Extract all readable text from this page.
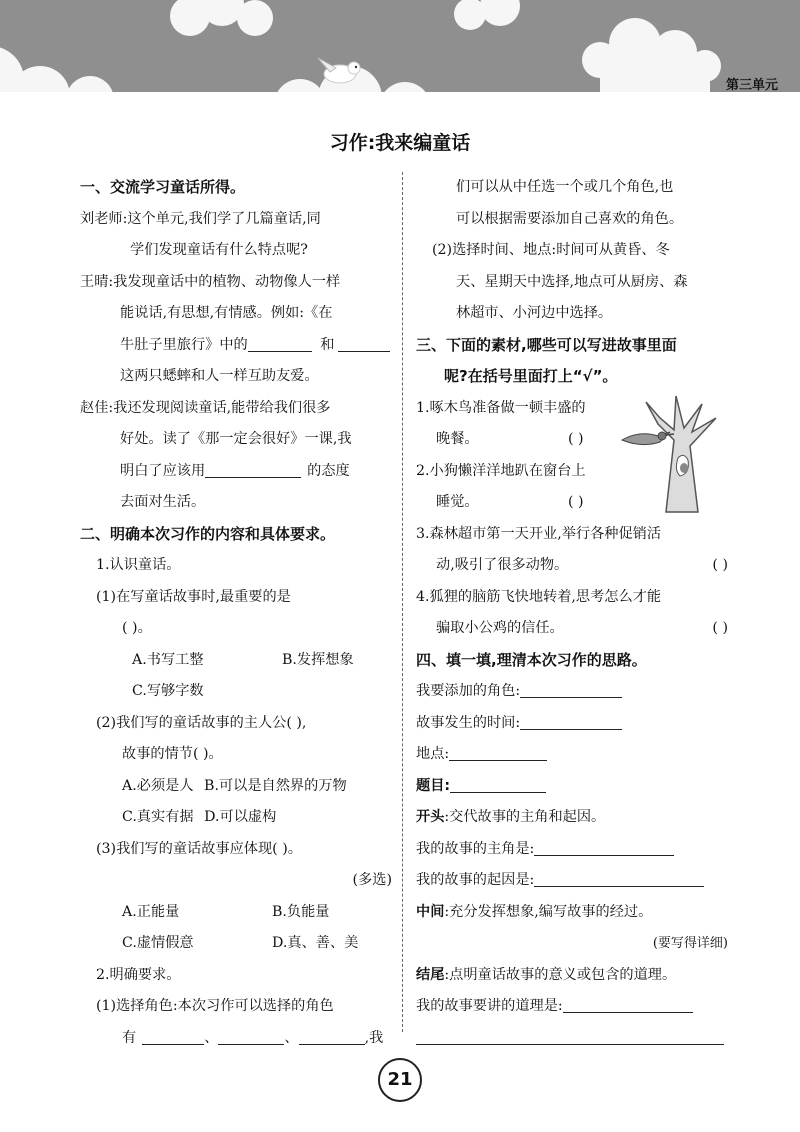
第三单元
习作:我来编童话
一、交流学习童话所得。
刘老师:这个单元,我们学了几篇童话,同
学们发现童话有什么特点呢?
王晴:我发现童话中的植物、动物像人一样
能说话,有思想,有情感。例如:《在
牛肚子里旅行》中的	和
这两只蟋蟀和人一样互助友爱。
赵佳:我还发现阅读童话,能带给我们很多
好处。读了《那一定会很好》一课,我
明白了应该用	的态度
去面对生活。
二、明确本次习作的内容和具体要求。
1.认识童话。
(1)在写童话故事时,最重要的是
( )。
A.书写工整	B.发挥想象
C.写够字数
(2)我们写的童话故事的主人公( ),
故事的情节( )。
A.必须是人 B.可以是自然界的万物
C.真实有据 D.可以虚构
(3)我们写的童话故事应体现( )。
(多选)
A.正能量	B.负能量
C.虚情假意	D.真、善、美
2.明确要求。
(1)选择角色:本次习作可以选择的角色
有	、	、	,我
们可以从中任选一个或几个角色,也
可以根据需要添加自己喜欢的角色。
(2)选择时间、地点:时间可从黄昏、冬
天、星期天中选择,地点可从厨房、森
林超市、小河边中选择。
三、下面的素材,哪些可以写进故事里面
呢?在括号里面打上“√”。
1.啄木鸟准备做一顿丰盛的
晚餐。	( )
2.小狗懒洋洋地趴在窗台上
睡觉。	( )
3.森林超市第一天开业,举行各种促销活
动,吸引了很多动物。	( )
4.狐狸的脑筋飞快地转着,思考怎么才能
骗取小公鸡的信任。	( )
四、填一填,理清本次习作的思路。
我要添加的角色:
故事发生的时间:
地点:
题目:
开头:交代故事的主角和起因。
我的故事的主角是:
我的故事的起因是:
中间:充分发挥想象,编写故事的经过。
(要写得详细)
结尾:点明童话故事的意义或包含的道理。
我的故事要讲的道理是:
21
